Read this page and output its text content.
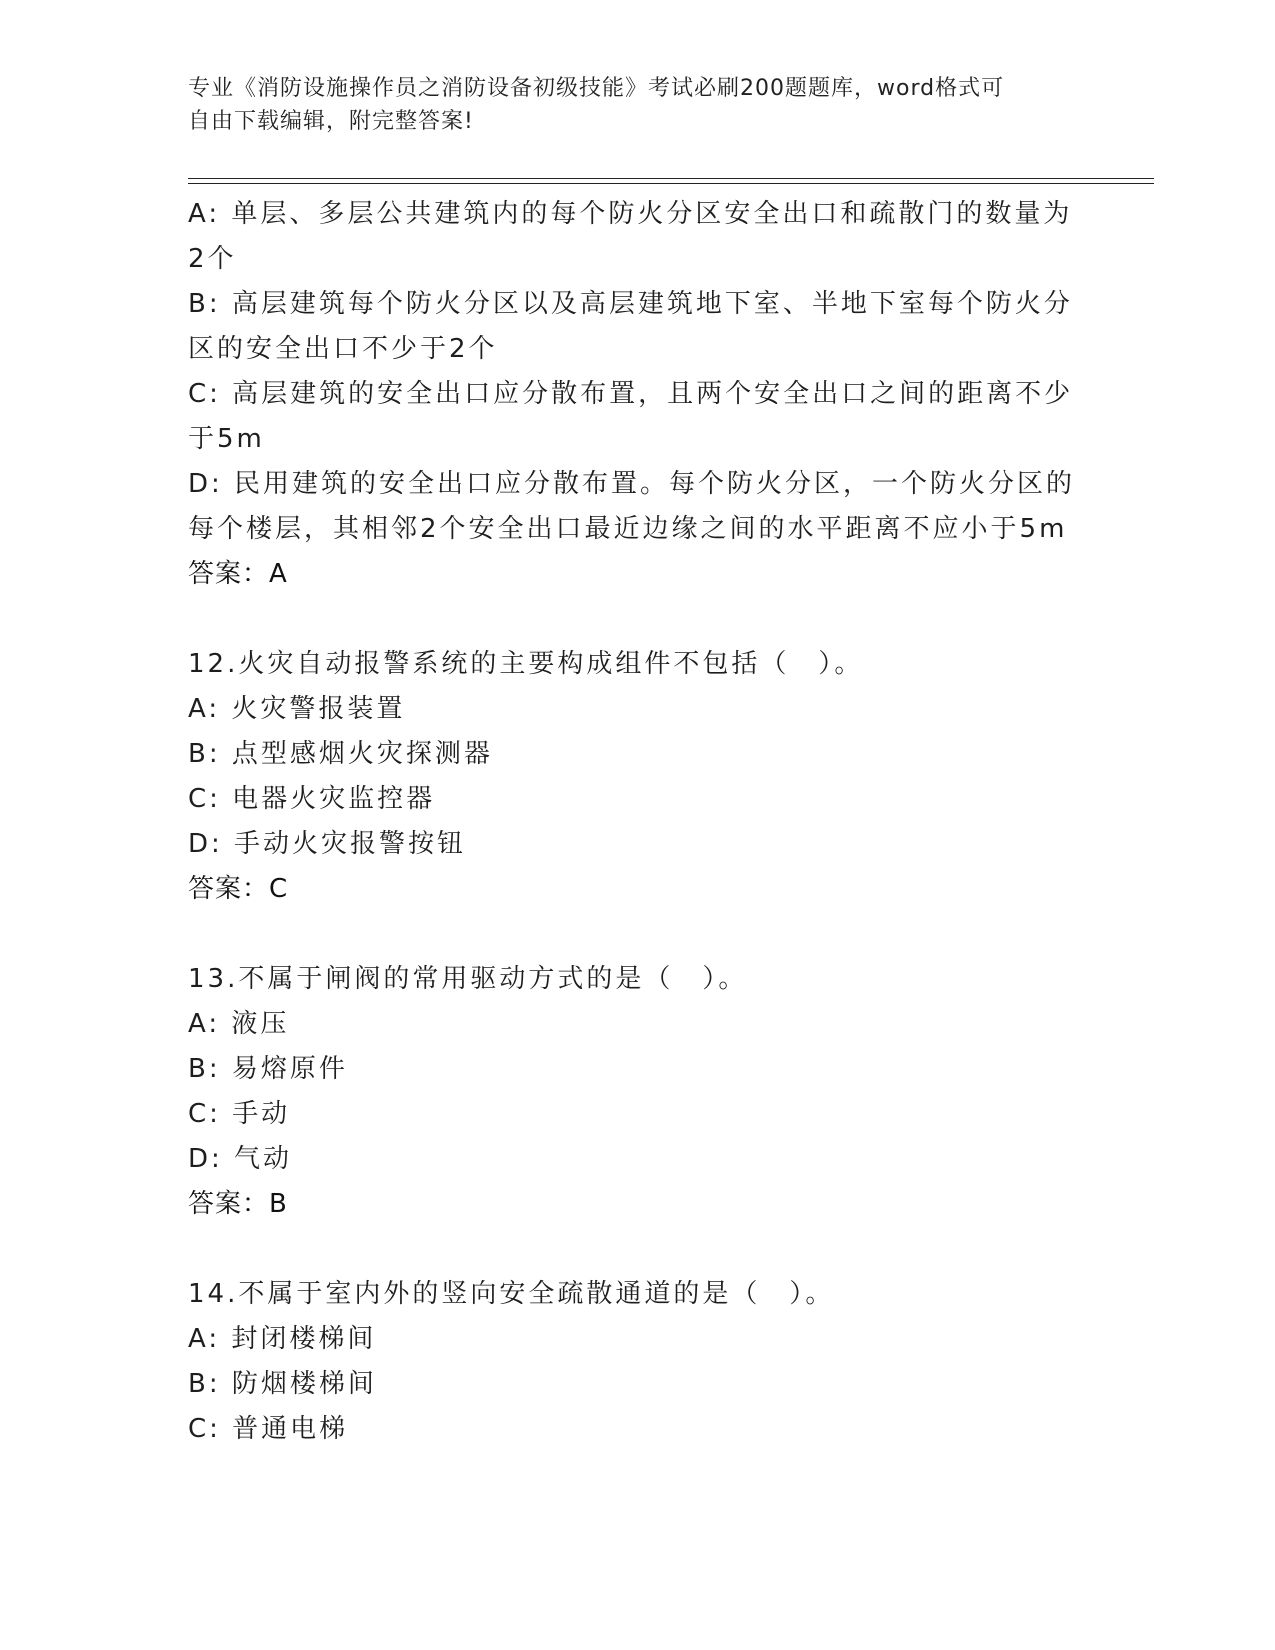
专业《消防设施操作员之消防设备初级技能》考试必刷200题题库，word格式可
自由下载编辑，附完整答案!
A: 单层、多层公共建筑内的每个防火分区安全出口和疏散门的数量为
2个
B: 高层建筑每个防火分区以及高层建筑地下室、半地下室每个防火分
区的安全出口不少于2个
C: 高层建筑的安全出口应分散布置，且两个安全出口之间的距离不少
于5m
D: 民用建筑的安全出口应分散布置。每个防火分区，一个防火分区的
每个楼层，其相邻2个安全出口最近边缘之间的水平距离不应小于5m
答案：A
12.火灾自动报警系统的主要构成组件不包括（　）。
A: 火灾警报装置
B: 点型感烟火灾探测器
C: 电器火灾监控器
D: 手动火灾报警按钮
答案：C
13.不属于闸阀的常用驱动方式的是（　）。
A: 液压
B: 易熔原件
C: 手动
D: 气动
答案：B
14.不属于室内外的竖向安全疏散通道的是（　）。
A: 封闭楼梯间
B: 防烟楼梯间
C: 普通电梯
